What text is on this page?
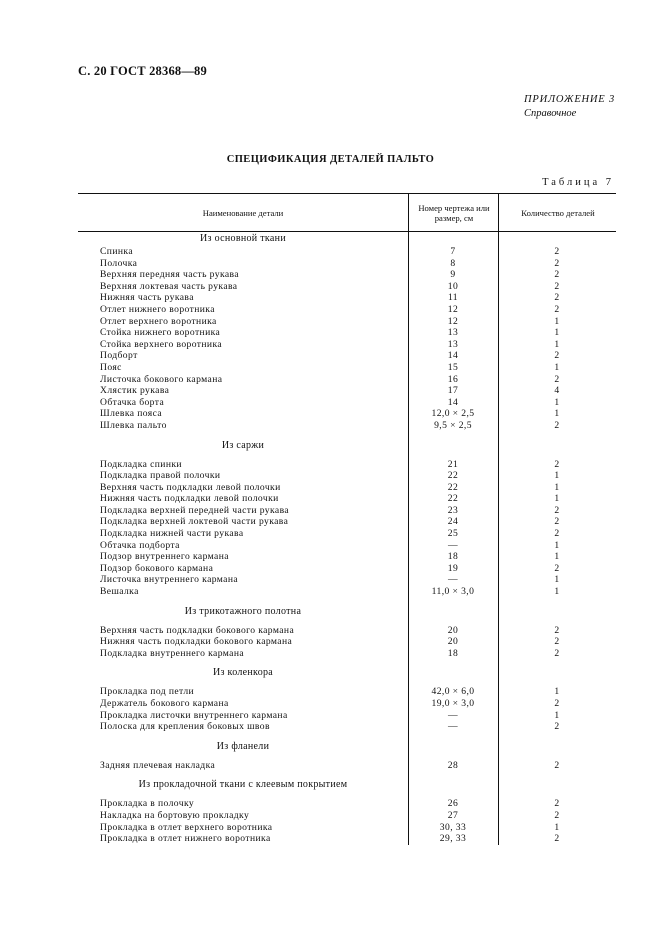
С. 20 ГОСТ 28368—89
ПРИЛОЖЕНИЕ 3
Справочное
СПЕЦИФИКАЦИЯ ДЕТАЛЕЙ ПАЛЬТО
Таблица 7
Наименование детали	Номер чертежа или размер, см	Количество деталей
Из основной ткани
Спинка	7	2
Полочка	8	2
Верхняя передняя часть рукава	9	2
Верхняя локтевая часть рукава	10	2
Нижняя часть рукава	11	2
Отлет нижнего воротника	12	2
Отлет верхнего воротника	12	1
Стойка нижнего воротника	13	1
Стойка верхнего воротника	13	1
Подборт	14	2
Пояс	15	1
Листочка бокового кармана	16	2
Хлястик рукава	17	4
Обтачка борта	14	1
Шлевка пояса	12,0 × 2,5	1
Шлевка пальто	9,5 × 2,5	2
Из саржи
Подкладка спинки	21	2
Подкладка правой полочки	22	1
Верхняя часть подкладки левой полочки	22	1
Нижняя часть подкладки левой полочки	22	1
Подкладка верхней передней части рукава	23	2
Подкладка верхней локтевой части рукава	24	2
Подкладка нижней части рукава	25	2
Обтачка подборта	—	1
Подзор внутреннего кармана	18	1
Подзор бокового кармана	19	2
Листочка внутреннего кармана	—	1
Вешалка	11,0 × 3,0	1
Из трикотажного полотна
Верхняя часть подкладки бокового кармана	20	2
Нижняя часть подкладки бокового кармана	20	2
Подкладка внутреннего кармана	18	2
Из коленкора
Прокладка под петли	42,0 × 6,0	1
Держатель бокового кармана	19,0 × 3,0	2
Прокладка листочки внутреннего кармана	—	1
Полоска для крепления боковых швов	—	2
Из фланели
Задняя плечевая накладка	28	2
Из прокладочной ткани с клеевым покрытием
Прокладка в полочку	26	2
Накладка на бортовую прокладку	27	2
Прокладка в отлет верхнего воротника	30, 33	1
Прокладка в отлет нижнего воротника	29, 33	2
